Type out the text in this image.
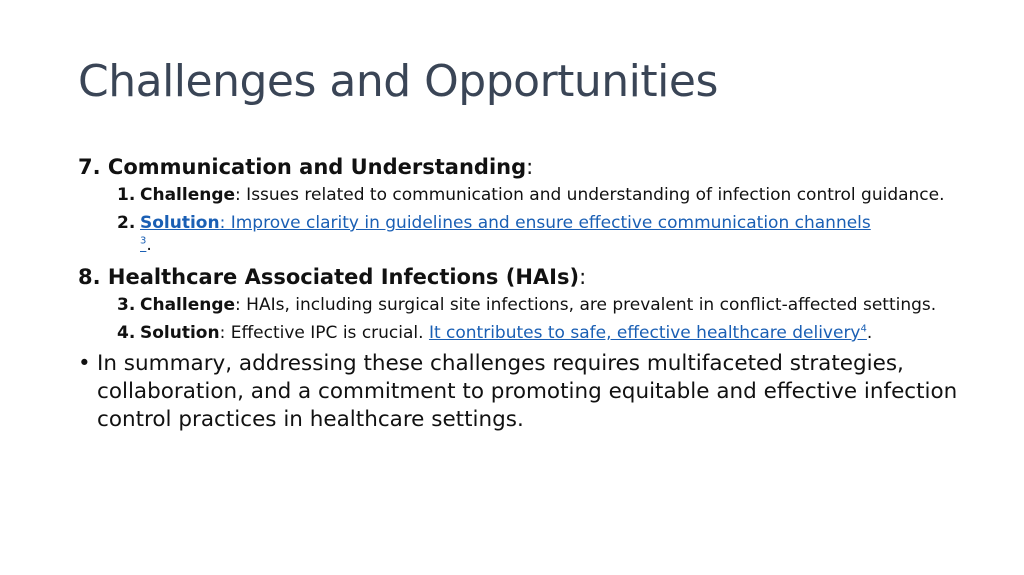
Challenges and Opportunities
7. Communication and Understanding:
1. Challenge: Issues related to communication and understanding of infection control guidance.
2. Solution: Improve clarity in guidelines and ensure effective communication channels
$^3$.
8. Healthcare Associated Infections (HAIs):
3. Challenge: HAIs, including surgical site infections, are prevalent in conflict-affected settings.
4. Solution: Effective IPC is crucial. It contributes to safe, effective healthcare delivery$^4$.
• In summary, addressing these challenges requires multifaceted strategies, collaboration, and a commitment to promoting equitable and effective infection control practices in healthcare settings.
